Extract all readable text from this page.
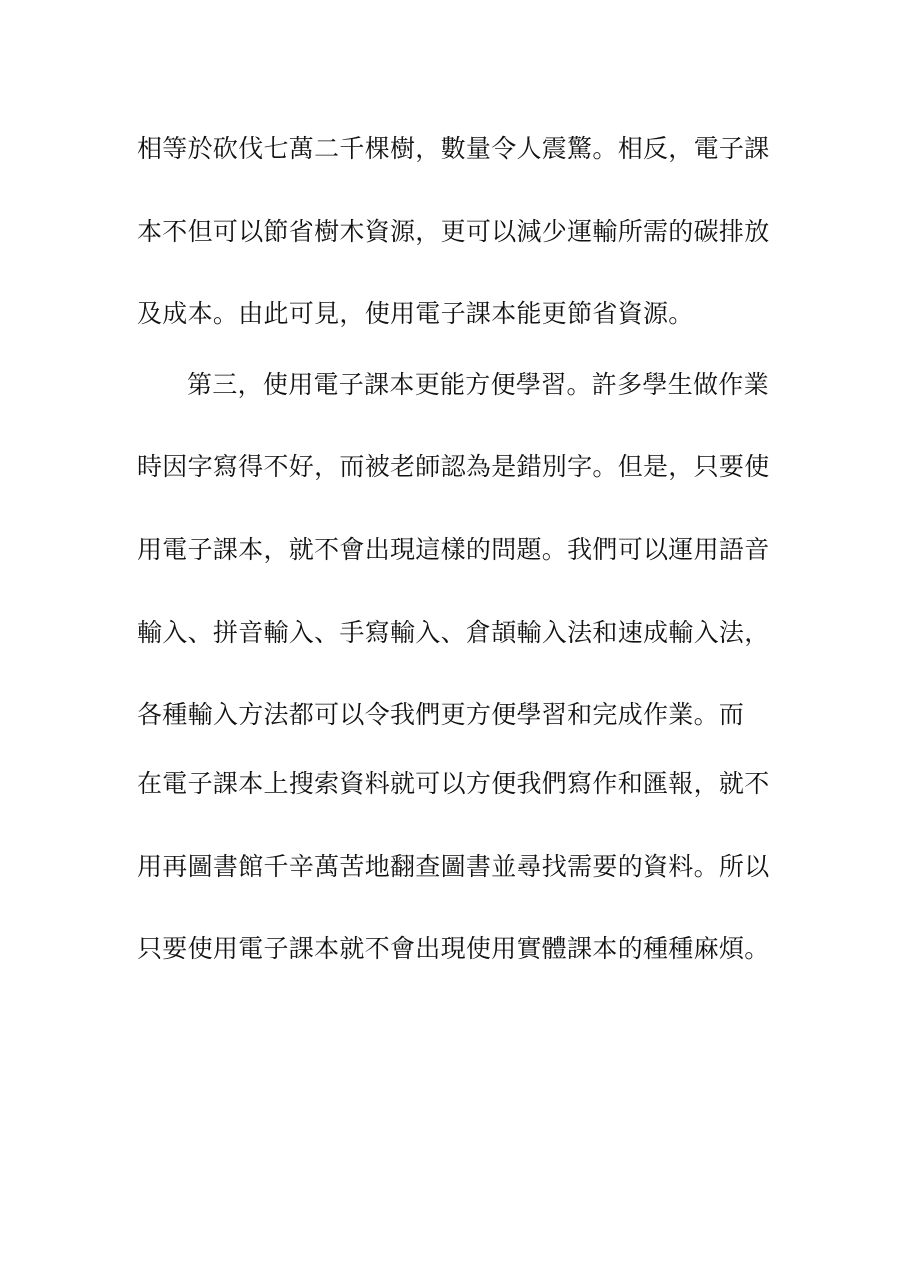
相等於砍伐七萬二千棵樹，數量令人震驚。相反，電子課

本不但可以節省樹木資源，更可以減少運輸所需的碳排放

及成本。由此可見，使用電子課本能更節省資源。

第三，使用電子課本更能方便學習。許多學生做作業

時因字寫得不好，而被老師認為是錯別字。但是，只要使

用電子課本，就不會出現這樣的問題。我們可以運用語音

輸入、拼音輸入、手寫輸入、倉頡輸入法和速成輸入法，

各種輸入方法都可以令我們更方便學習和完成作業。而

在電子課本上搜索資料就可以方便我們寫作和匯報，就不

用再圖書館千辛萬苦地翻查圖書並尋找需要的資料。所以

只要使用電子課本就不會出現使用實體課本的種種麻煩。
